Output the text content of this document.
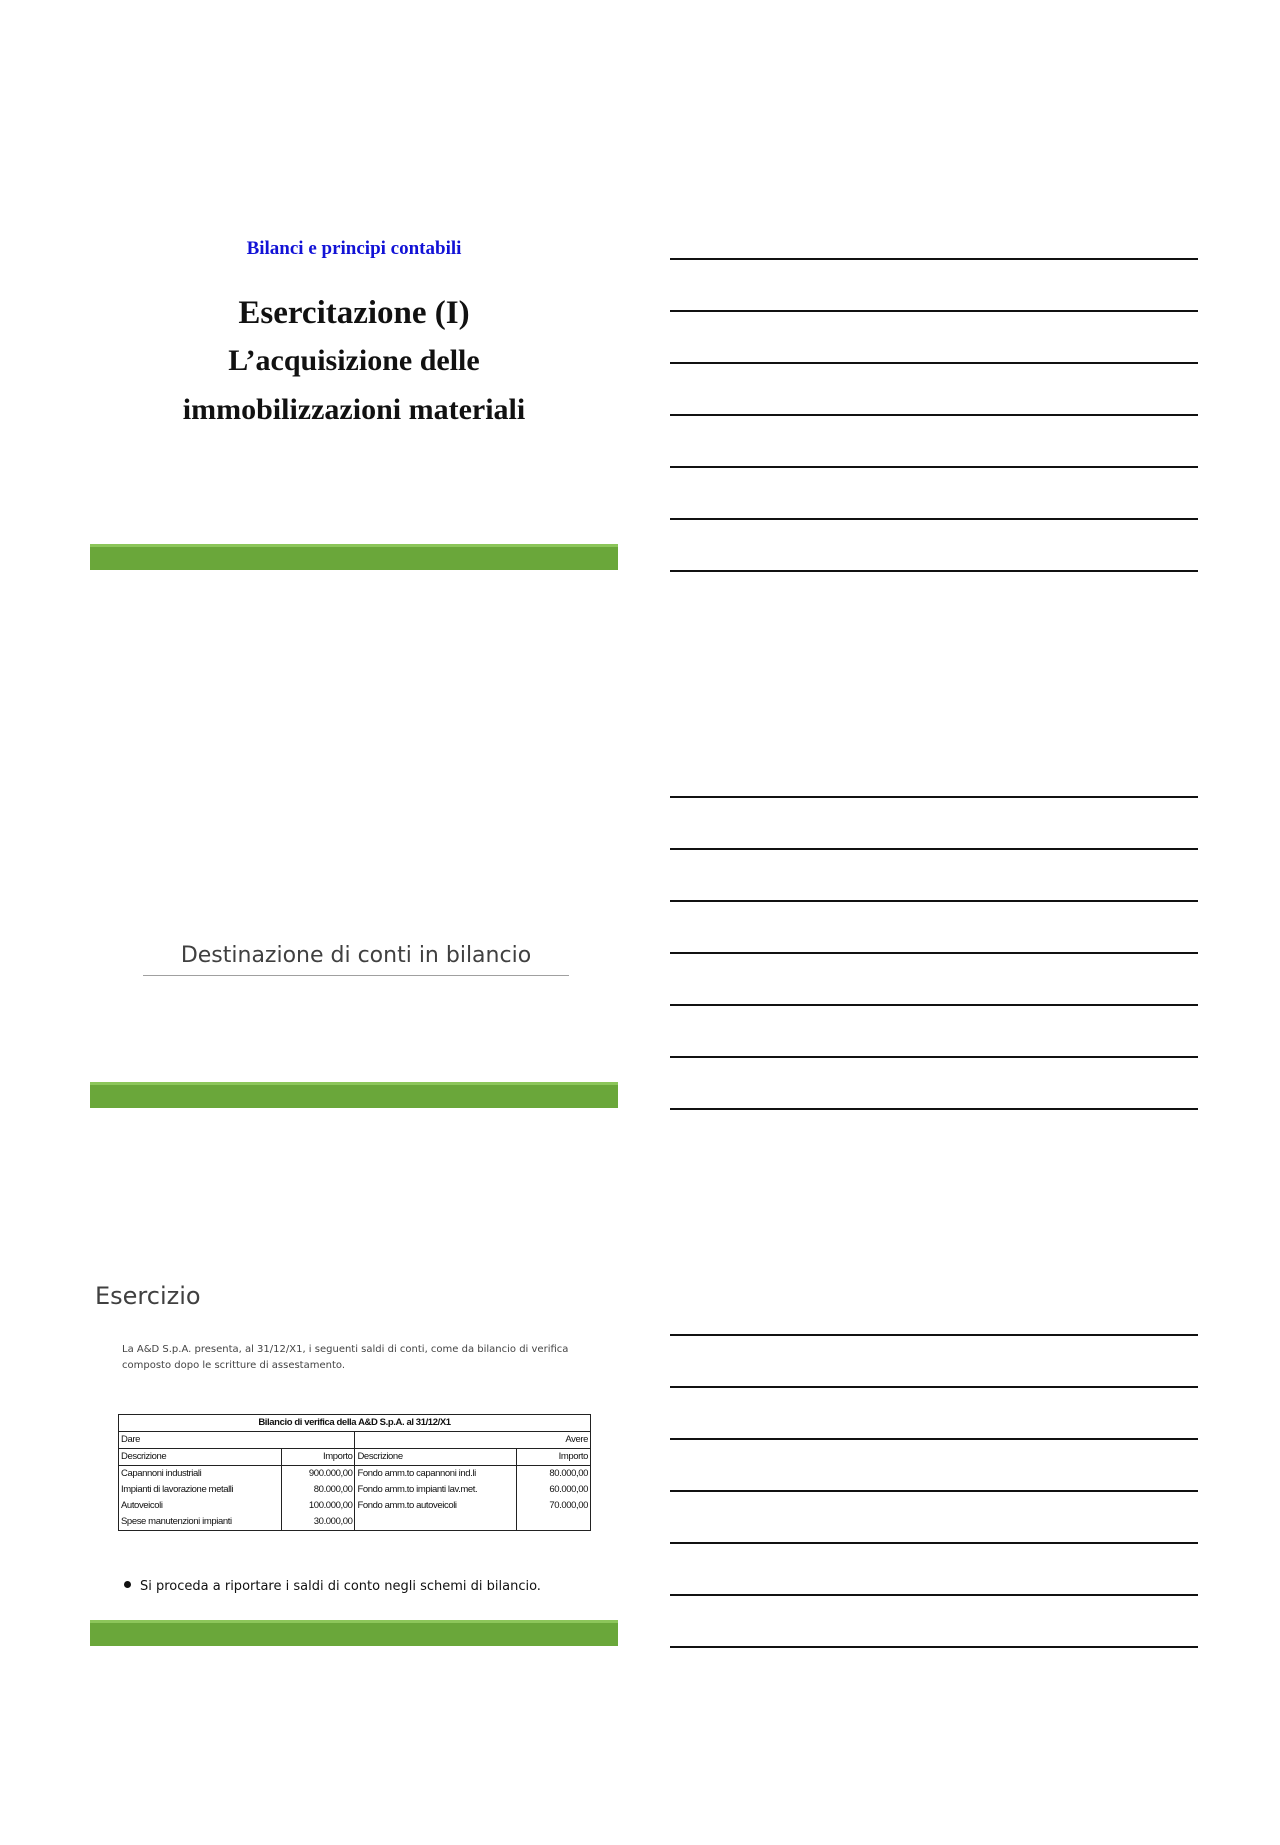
Bilanci e principi contabili
Esercitazione (I)
L’acquisizione delle
immobilizzazioni materiali
Destinazione di conti in bilancio
Esercizio
La A&D S.p.A. presenta, al 31/12/X1, i seguenti saldi di conti, come da bilancio di verifica
composto dopo le scritture di assestamento.
Bilancio di verifica della A&D S.p.A. al 31/12/X1			
Dare		Avere	
Descrizione	Importo	Descrizione	Importo
Capannoni industriali	900.000,00	Fondo amm.to capannoni ind.li	80.000,00
Impianti di lavorazione metalli	80.000,00	Fondo amm.to impianti lav.met.	60.000,00
Autoveicoli	100.000,00	Fondo amm.to autoveicoli	70.000,00
Spese manutenzioni impianti	30.000,00		
Si proceda a riportare i saldi di conto negli schemi di bilancio.
